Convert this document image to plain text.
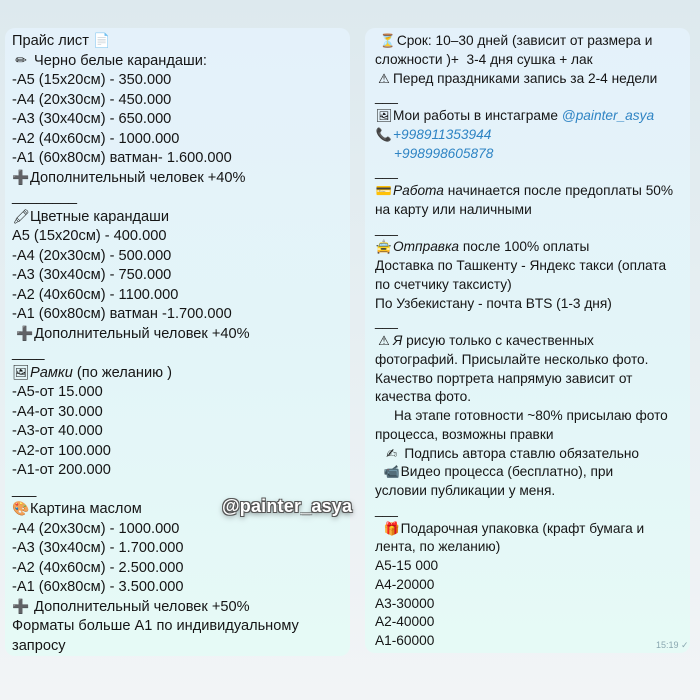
Прайс лист 📄
✏ Черно белые карандаши:
-А5 (15х20см) - 350.000
-А4 (20х30см) - 450.000
-А3 (30х40см) - 650.000
-А2 (40х60см) - 1000.000
-А1 (60х80см) ватман- 1.600.000
➕Дополнительный человек +40%
________
🖍Цветные карандаши
А5 (15х20см) - 400.000
-А4 (20х30см) - 500.000
-А3 (30х40см) - 750.000
-А2 (40х60см) - 1100.000
-А1 (60х80см) ватман -1.700.000
➕Дополнительный человек +40%
____
🖼Рамки (по желанию )
-А5-от 15.000
-А4-от 30.000
-А3-от 40.000
-А2-от 100.000
-А1-от 200.000
___
🎨Картина маслом
-А4 (20х30см) - 1000.000
-А3 (30х40см) - 1.700.000
-А2 (40х60см) - 2.500.000
-А1 (60х80см) - 3.500.000
➕ Дополнительный человек +50%
Форматы больше А1 по индивидуальному
запросу
⏳Срок: 10–30 дней (зависит от размера и
сложности )+  3-4 дня сушка + лак
⚠ Перед праздниками запись за 2-4 недели
___
🖼Мои работы в инстаграме @painter_asya
📞+998911353944
+998998605878
___
💳Работа начинается после предоплаты 50%
на карту или наличными
___
🚖Отправка после 100% оплаты
Доставка по Ташкенту - Яндекс такси (оплата
по счетчику таксисту)
По Узбекистану - почта BTS (1-3 дня)
___
⚠ Я рисую только с качественных
фотографий. Присылайте несколько фото.
Качество портрета напрямую зависит от
качества фото.
На этапе готовности ~80% присылаю фото
процесса, возможны правки
✍ Подпись автора ставлю обязательно
📹Видео процесса (бесплатно), при
условии публикации у меня.
___
🎁Подарочная упаковка (крафт бумага и
лента, по желанию)
А5-15 000
А4-20000
А3-30000
А2-40000
А1-60000	15:19 ✓
@painter_asya
